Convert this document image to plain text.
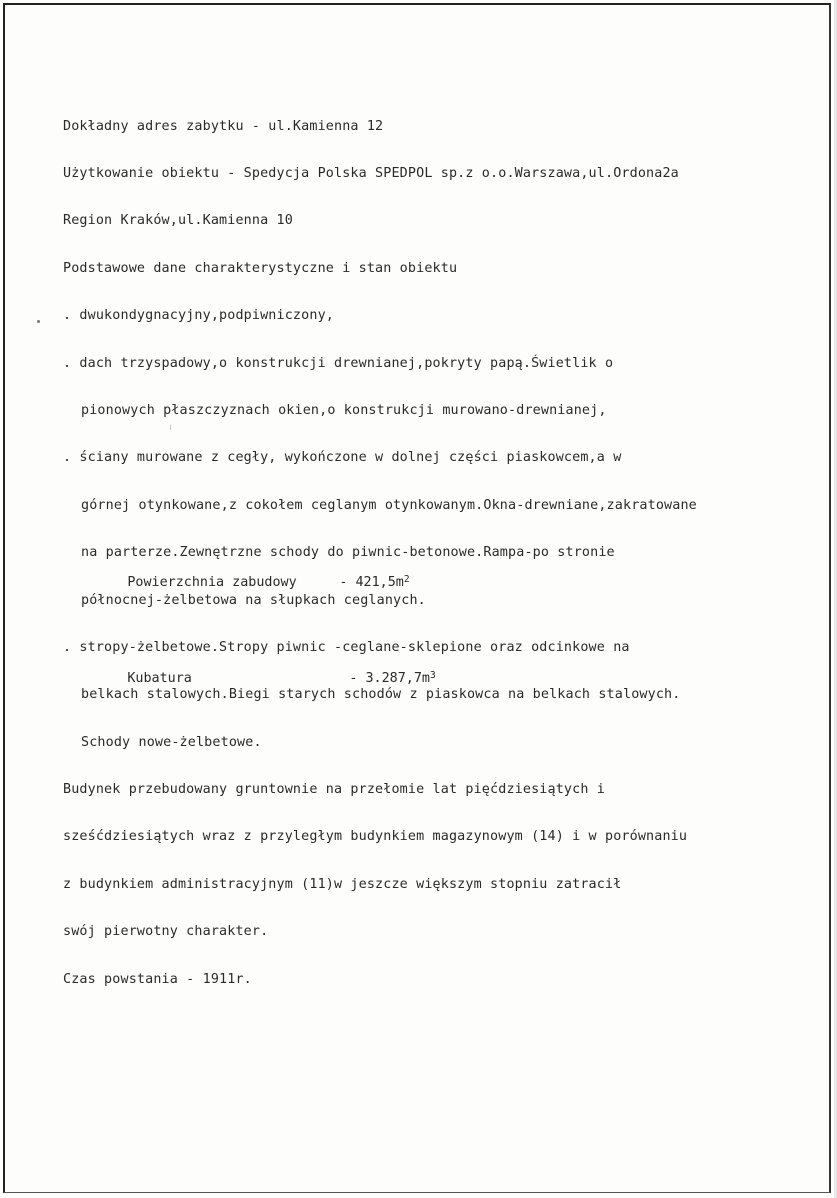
Dokładny adres zabytku - ul.Kamienna 12

Użytkowanie obiektu - Spedycja Polska SPEDPOL sp.z o.o.Warszawa,ul.Ordona2a

Region Kraków,ul.Kamienna 10

Podstawowe dane charakterystyczne i stan obiektu

. dwukondygnacyjny,podpiwniczony,

. dach trzyspadowy,o konstrukcji drewnianej,pokryty papą.Świetlik o

pionowych płaszczyznach okien,o konstrukcji murowano-drewnianej,

. ściany murowane z cegły, wykończone w dolnej części piaskowcem,a w

górnej otynkowane,z cokołem ceglanym otynkowanym.Okna-drewniane,zakratowane

na parterze.Zewnętrzne schody do piwnic-betonowe.Rampa-po stronie

północnej-żelbetowa na słupkach ceglanych.

. stropy-żelbetowe.Stropy piwnic -ceglane-sklepione oraz odcinkowe na

belkach stalowych.Biegi starych schodów z piaskowca na belkach stalowych.

Schody nowe-żelbetowe.

Budynek przebudowany gruntownie na przełomie lat pięćdziesiątych i

sześćdziesiątych wraz z przyległym budynkiem magazynowym (14) i w porównaniu

z budynkiem administracyjnym (11)w jeszcze większym stopniu zatracił

swój pierwotny charakter.

Czas powstania - 1911r.

Powierzchnia zabudowy	- $421,5m^2$

Kubatura	- $3.287,7m^3$
